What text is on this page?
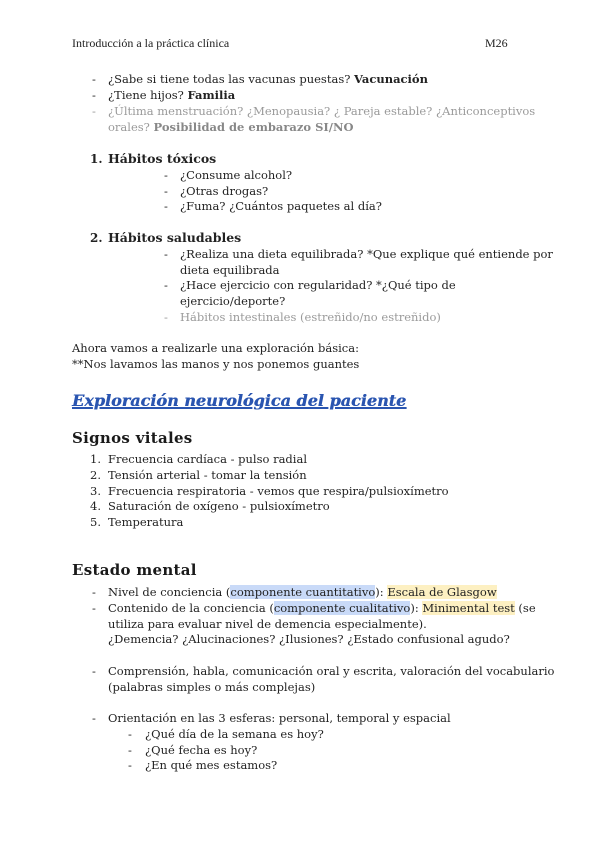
Introducción a la práctica clínica	M26
- ¿Sabe si tiene todas las vacunas puestas? Vacunación
- ¿Tiene hijos? Familia
- ¿Última menstruación? ¿Menopausia? ¿ Pareja estable? ¿Anticonceptivos
orales? Posibilidad de embarazo SI/NO
1. Hábitos tóxicos
- ¿Consume alcohol?
- ¿Otras drogas?
- ¿Fuma? ¿Cuántos paquetes al día?
2. Hábitos saludables
- ¿Realiza una dieta equilibrada? *Que explique qué entiende por
dieta equilibrada
- ¿Hace ejercicio con regularidad? *¿Qué tipo de
ejercicio/deporte?
- Hábitos intestinales (estreñido/no estreñido)
Ahora vamos a realizarle una exploración básica:
**Nos lavamos las manos y nos ponemos guantes
Exploración neurológica del paciente
Signos vitales
1. Frecuencia cardíaca - pulso radial
2. Tensión arterial - tomar la tensión
3. Frecuencia respiratoria - vemos que respira/pulsioxímetro
4. Saturación de oxígeno - pulsioxímetro
5. Temperatura
Estado mental
- Nivel de conciencia (componente cuantitativo): Escala de Glasgow
- Contenido de la conciencia (componente cualitativo): Minimental test (se
utiliza para evaluar nivel de demencia especialmente).
¿Demencia? ¿Alucinaciones? ¿Ilusiones? ¿Estado confusional agudo?
- Comprensión, habla, comunicación oral y escrita, valoración del vocabulario
(palabras simples o más complejas)
- Orientación en las 3 esferas: personal, temporal y espacial
- ¿Qué día de la semana es hoy?
- ¿Qué fecha es hoy?
- ¿En qué mes estamos?
